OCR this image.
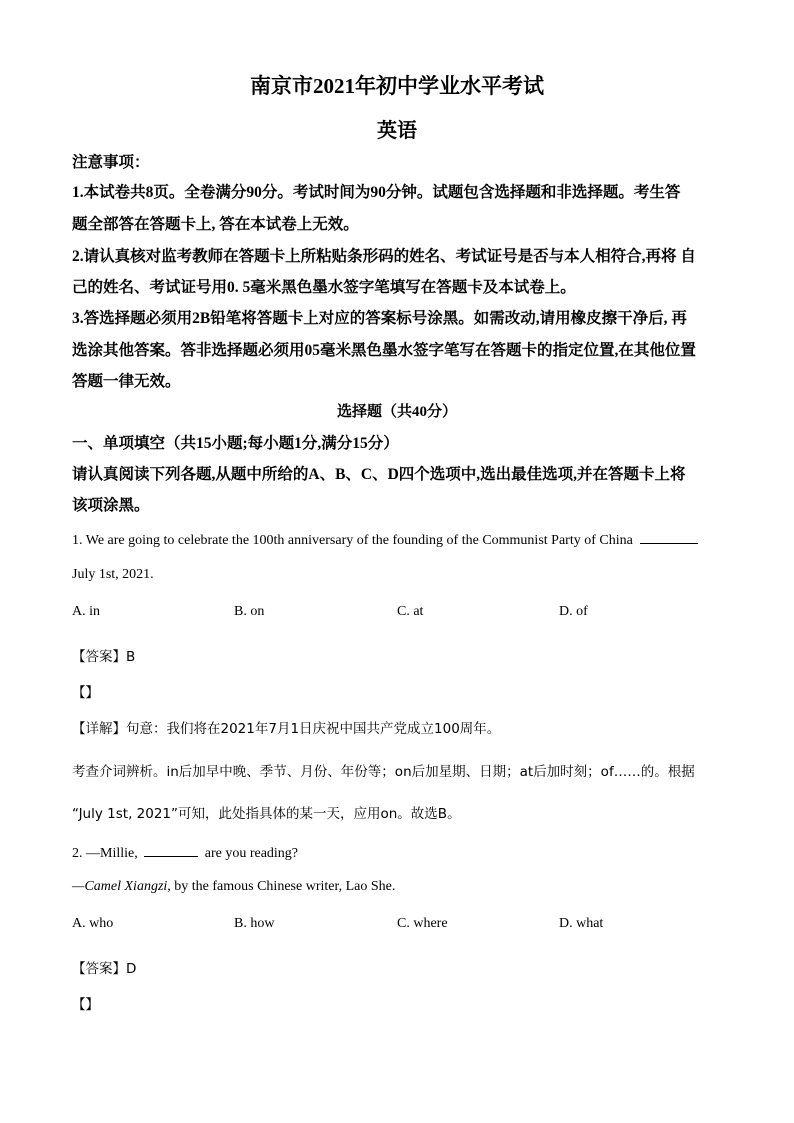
南京市2021年初中学业水平考试
英语
注意事项：
1.本试卷共8页。全卷满分90分。考试时间为90分钟。试题包含选择题和非选择题。考生答
题全部答在答题卡上, 答在本试卷上无效。
2.请认真核对监考教师在答题卡上所粘贴条形码的姓名、考试证号是否与本人相符合,再将 自
己的姓名、考试证号用0. 5毫米黑色墨水签字笔填写在答题卡及本试卷上。
3.答选择题必须用2B铅笔将答题卡上对应的答案标号涂黑。如需改动,请用橡皮擦干净后, 再
选涂其他答案。答非选择题必须用05毫米黑色墨水签字笔写在答题卡的指定位置,在其他位置
答题一律无效。
选择题（共40分）
一、单项填空（共15小题;每小题1分,满分15分）
请认真阅读下列各题,从题中所给的A、B、C、D四个选项中,选出最佳选项,并在答题卡上将
该项涂黑。
1. We are going to celebrate the 100th anniversary of the founding of the Communist Party of China
July 1st, 2021.
A. in	B. on	C. at	D. of
【答案】B
【】
【详解】句意：我们将在2021年7月1日庆祝中国共产党成立100周年。
考查介词辨析。in后加早中晚、季节、月份、年份等；on后加星期、日期；at后加时刻；of……的。根据
“July 1st, 2021”可知，此处指具体的某一天，应用on。故选B。
2. —Millie,	are you reading?
—Camel Xiangzi, by the famous Chinese writer, Lao She.
A. who	B. how	C. where	D. what
【答案】D
【】
